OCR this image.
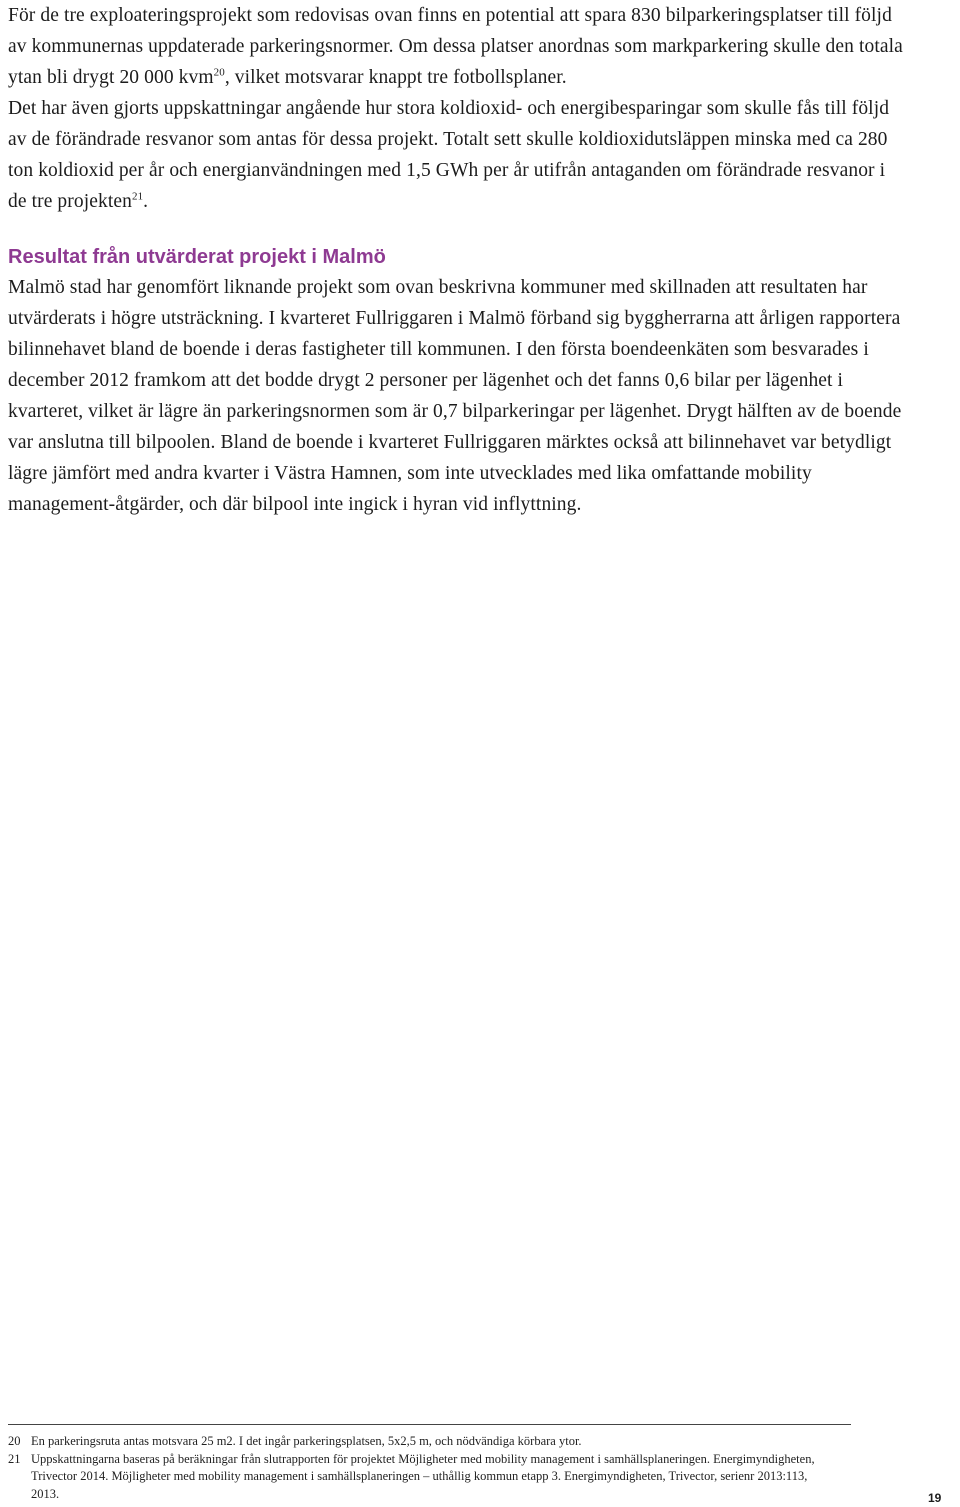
För de tre exploateringsprojekt som redovisas ovan finns en potential att spara 830 bilparkeringsplatser till följd av kommunernas uppdaterade parkeringsnormer. Om dessa platser anordnas som markparkering skulle den totala ytan bli drygt 20 000 kvm$^{20}$, vilket motsvarar knappt tre fotbollsplaner.

Det har även gjorts uppskattningar angående hur stora koldioxid- och energibesparingar som skulle fås till följd av de förändrade resvanor som antas för dessa projekt. Totalt sett skulle koldioxidutsläppen minska med ca 280 ton koldioxid per år och energianvändningen med 1,5 GWh per år utifrån antaganden om förändrade resvanor i de tre projekten$^{21}$.

Resultat från utvärderat projekt i Malmö

Malmö stad har genomfört liknande projekt som ovan beskrivna kommuner med skillnaden att resultaten har utvärderats i högre utsträckning. I kvarteret Fullriggaren i Malmö förband sig byggherrarna att årligen rapportera bilinnehavet bland de boende i deras fastigheter till kommunen. I den första boendeenkäten som besvarades i december 2012 framkom att det bodde drygt 2 personer per lägenhet och det fanns 0,6 bilar per lägenhet i kvarteret, vilket är lägre än parkeringsnormen som är 0,7 bilparkeringar per lägenhet. Drygt hälften av de boende var anslutna till bilpoolen. Bland de boende i kvarteret Fullriggaren märktes också att bilinnehavet var betydligt lägre jämfört med andra kvarter i Västra Hamnen, som inte utvecklades med lika omfattande mobility management-åtgärder, och där bilpool inte ingick i hyran vid inflyttning.

20 En parkeringsruta antas motsvara 25 m2. I det ingår parkeringsplatsen, 5x2,5 m, och nödvändiga körbara ytor.
21 Uppskattningarna baseras på beräkningar från slutrapporten för projektet Möjligheter med mobility management i samhällsplaneringen. Energimyndigheten, Trivector 2014. Möjligheter med mobility management i samhällsplaneringen – uthållig kommun etapp 3. Energimyndigheten, Trivector, serienr 2013:113, 2013.	19
